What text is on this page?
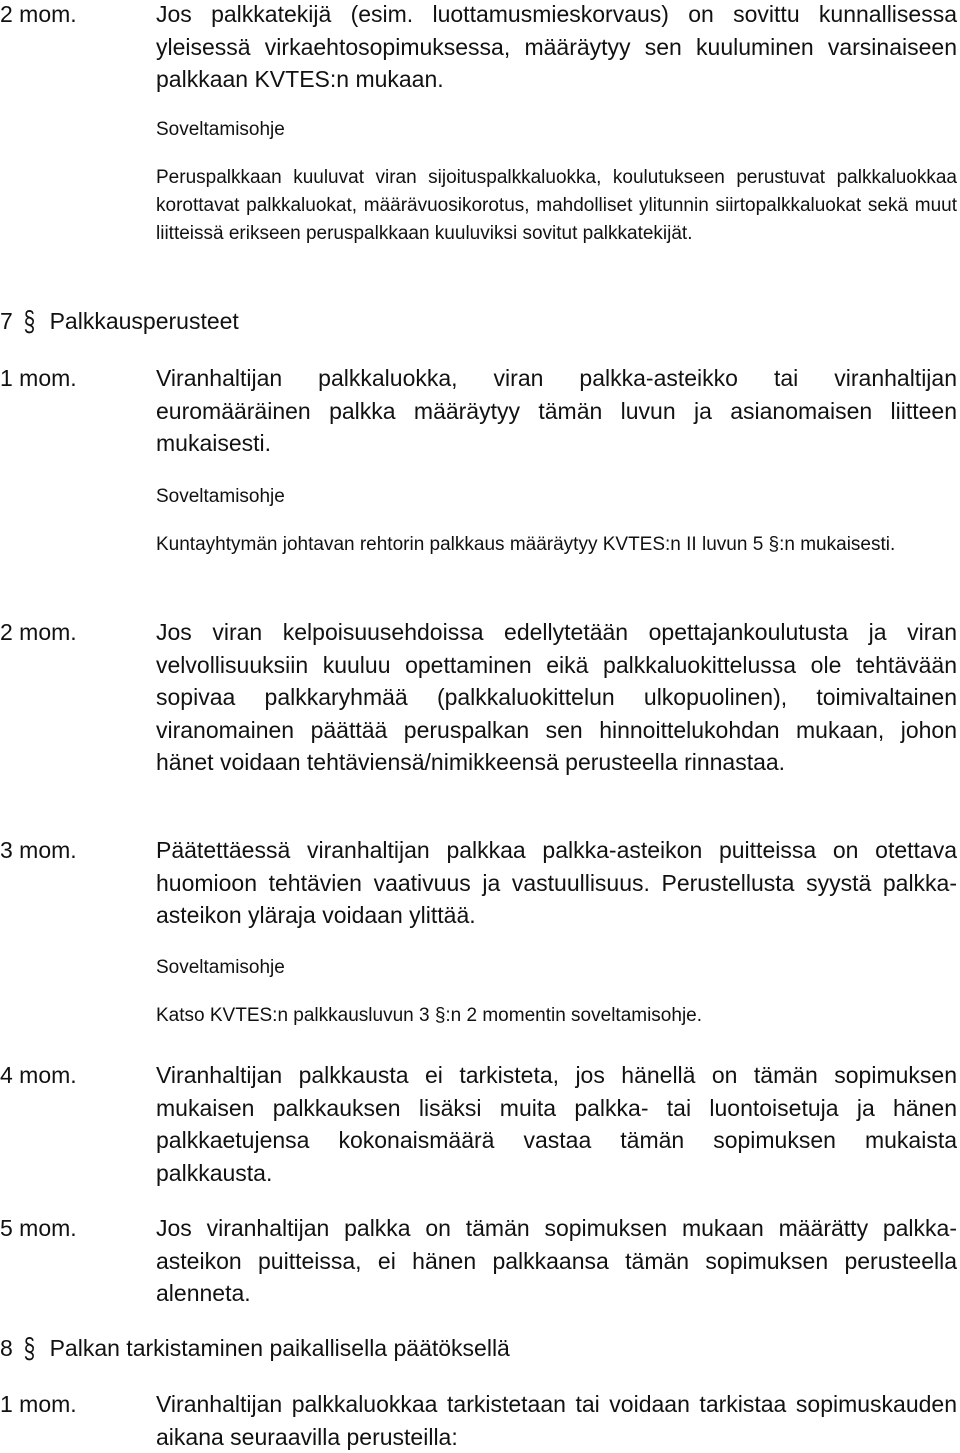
2 mom.	Jos palkkatekijä (esim. luottamusmieskorvaus) on sovittu kunnallisessa yleisessä virkaehtosopimuksessa, määräytyy sen kuuluminen varsinaiseen palkkaan KVTES:n mukaan.
Soveltamisohje
Peruspalkkaan kuuluvat viran sijoituspalkkaluokka, koulutukseen perustuvat palkkaluokkaa korottavat palkkaluokat, määrävuosikorotus, mahdolliset ylitunnin siirtopalkkaluokat sekä muut liitteissä erikseen peruspalkkaan kuuluviksi sovitut palkkatekijät.
7 § Palkkausperusteet
1 mom.	Viranhaltijan palkkaluokka, viran palkka-asteikko tai viranhaltijan euromääräinen palkka määräytyy tämän luvun ja asianomaisen liitteen mukaisesti.
Soveltamisohje
Kuntayhtymän johtavan rehtorin palkkaus määräytyy KVTES:n II luvun 5 §:n mukaisesti.
2 mom.	Jos viran kelpoisuusehdoissa edellytetään opettajankoulutusta ja viran velvollisuuksiin kuuluu opettaminen eikä palkkaluokittelussa ole tehtävään sopivaa palkkaryhmää (palkkaluokittelun ulkopuolinen), toimivaltainen viranomainen päättää peruspalkan sen hinnoittelukohdan mukaan, johon hänet voidaan tehtäviensä/nimikkeensä perusteella rinnastaa.
3 mom.	Päätettäessä viranhaltijan palkkaa palkka-asteikon puitteissa on otettava huomioon tehtävien vaativuus ja vastuullisuus. Perustellusta syystä palkka-asteikon yläraja voidaan ylittää.
Soveltamisohje
Katso KVTES:n palkkausluvun 3 §:n 2 momentin soveltamisohje.
4 mom.	Viranhaltijan palkkausta ei tarkisteta, jos hänellä on tämän sopimuksen mukaisen palkkauksen lisäksi muita palkka- tai luontoisetuja ja hänen palkkaetujensa kokonaismäärä vastaa tämän sopimuksen mukaista palkkausta.
5 mom.	Jos viranhaltijan palkka on tämän sopimuksen mukaan määrätty palkka-asteikon puitteissa, ei hänen palkkaansa tämän sopimuksen perusteella alenneta.
8 § Palkan tarkistaminen paikallisella päätöksellä
1 mom.	Viranhaltijan palkkaluokkaa tarkistetaan tai voidaan tarkistaa sopimuskauden aikana seuraavilla perusteilla:
